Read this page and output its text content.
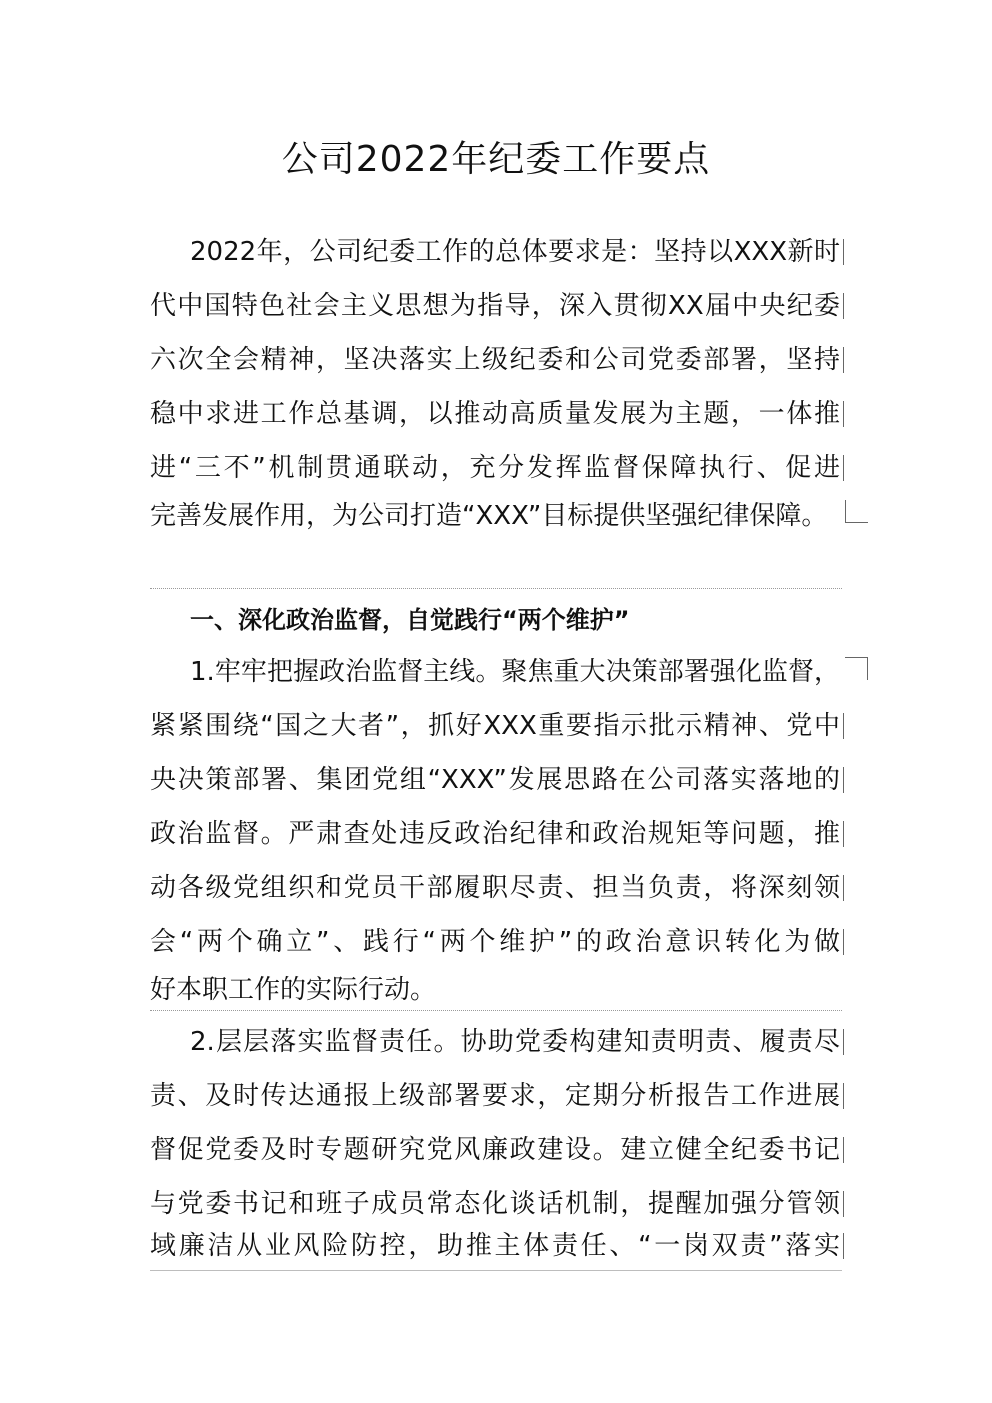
公司2022年纪委工作要点
2022年，公司纪委工作的总体要求是：坚持以XXX新时
代中国特色社会主义思想为指导，深入贯彻XX届中央纪委
六次全会精神，坚决落实上级纪委和公司党委部署，坚持
稳中求进工作总基调，以推动高质量发展为主题，一体推
进“三不”机制贯通联动，充分发挥监督保障执行、促进
完善发展作用，为公司打造“XXX”目标提供坚强纪律保障。
一、深化政治监督，自觉践行“两个维护”
1.牢牢把握政治监督主线。聚焦重大决策部署强化监督，
紧紧围绕“国之大者”，抓好XXX重要指示批示精神、党中
央决策部署、集团党组“XXX”发展思路在公司落实落地的
政治监督。严肃查处违反政治纪律和政治规矩等问题，推
动各级党组织和党员干部履职尽责、担当负责，将深刻领
会“两个确立”、践行“两个维护”的政治意识转化为做
好本职工作的实际行动。
2.层层落实监督责任。协助党委构建知责明责、履责尽
责、及时传达通报上级部署要求，定期分析报告工作进展
督促党委及时专题研究党风廉政建设。建立健全纪委书记
与党委书记和班子成员常态化谈话机制，提醒加强分管领
域廉洁从业风险防控，助推主体责任、“一岗双责”落实
